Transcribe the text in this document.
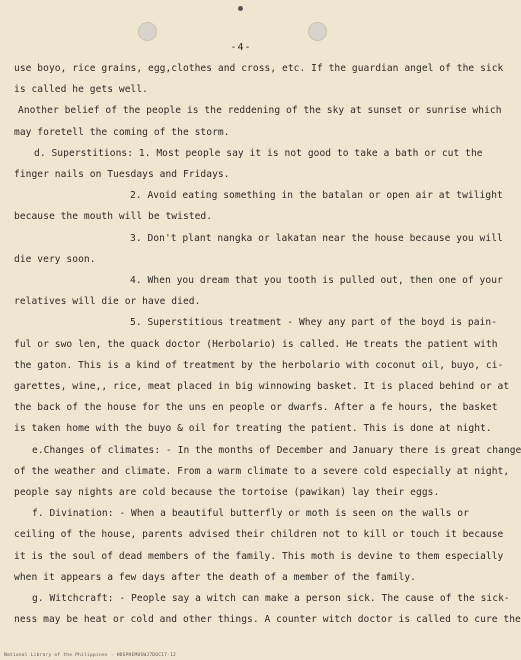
-4-
use boyo, rice grains, egg,clothes and cross, etc. If the guardian angel of the sick
is called he gets well.
Another belief of the people is the reddening of the sky at sunset or sunrise which
may foretell the coming of the storm.
d. Superstitions: 1. Most people say it is not good to take a bath or cut the
finger nails on Tuesdays and Fridays.
2. Avoid eating something in the batalan or open air at twilight
because the mouth will be twisted.
3. Don't plant nangka or lakatan near the house because you will
die very soon.
4. When you dream that you tooth is pulled out, then one of your
relatives will die or have died.
5. Superstitious treatment - Whey any part of the boyd is pain-
ful or swo len, the quack doctor (Herbolario) is called. He treats the patient with
the gaton. This is a kind of treatment by the herbolario with coconut oil, buyo, ci-
garettes, wine,, rice, meat placed in big winnowing basket. It is placed behind or at
the back of the house for the uns en people or dwarfs. After a fe hours, the basket
is taken home with the buyo & oil for treating the patient. This is done at night.
e.Changes of climates: - In the months of December and January there is great change
of the weather and climate. From a warm climate to a severe cold especially at night,
people say nights are cold because the tortoise (pawikan) lay their eggs.
f. Divination: - When a beautiful butterfly or moth is seen on the walls or
ceiling of the house, parents advised their children not to kill or touch it because
it is the soul of dead members of the family. This moth is devine to them especially
when it appears a few days after the death of a member of the family.
g. Witchcraft: - People say a witch can make a person sick. The cause of the sick-
ness may be heat or cold and other things. A counter witch doctor is called to cure the
National Library of the Philippines · HDSPHEMUSWJ7DOC17-12
